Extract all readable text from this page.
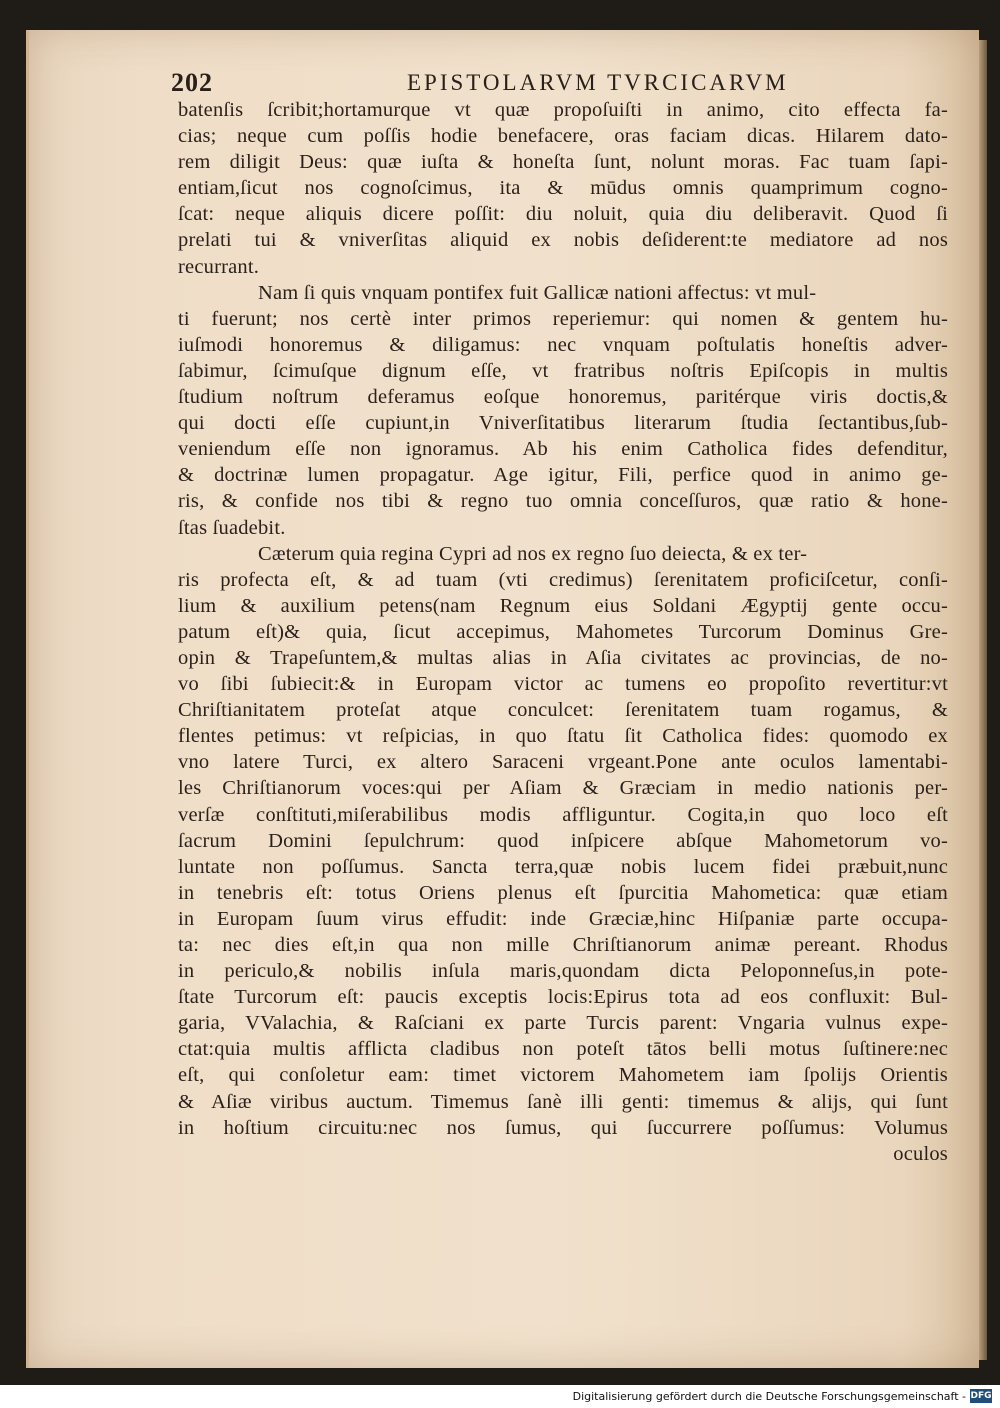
202	EPISTOLARVM TVRCICARVM
batenſis ſcribit;hortamurque vt quæ propoſuiſti in animo, cito effecta fa-
cias; neque cum poſſis hodie benefacere, oras faciam dicas. Hilarem dato-
rem diligit Deus: quæ iuſta & honeſta ſunt, nolunt moras. Fac tuam ſapi-
entiam,ſicut nos cognoſcimus, ita & mūdus omnis quamprimum cogno-
ſcat: neque aliquis dicere poſſit: diu noluit, quia diu deliberavit. Quod ſi
prelati tui & vniverſitas aliquid ex nobis deſiderent:te mediatore ad nos
recurrant.
Nam ſi quis vnquam pontifex fuit Gallicæ nationi affectus: vt mul-
ti fuerunt; nos certè inter primos reperiemur: qui nomen & gentem hu-
iuſmodi honoremus & diligamus: nec vnquam poſtulatis honeſtis adver-
ſabimur, ſcimuſque dignum eſſe, vt fratribus noſtris Epiſcopis in multis
ſtudium noſtrum deferamus eoſque honoremus, paritérque viris doctis,&
qui docti eſſe cupiunt,in Vniverſitatibus literarum ſtudia ſectantibus,ſub-
veniendum eſſe non ignoramus. Ab his enim Catholica fides defenditur,
& doctrinæ lumen propagatur. Age igitur, Fili, perfice quod in animo ge-
ris, & confide nos tibi & regno tuo omnia conceſſuros, quæ ratio & hone-
ſtas ſuadebit.
Cæterum quia regina Cypri ad nos ex regno ſuo deiecta, & ex ter-
ris profecta eſt, & ad tuam (vti credimus) ſerenitatem proficiſcetur, conſi-
lium & auxilium petens(nam Regnum eius Soldani Ægyptij gente occu-
patum eſt)& quia, ſicut accepimus, Mahometes Turcorum Dominus Gre-
opin & Trapeſuntem,& multas alias in Aſia civitates ac provincias, de no-
vo ſibi ſubiecit:& in Europam victor ac tumens eo propoſito revertitur:vt
Chriſtianitatem proteſat atque conculcet: ſerenitatem tuam rogamus, &
flentes petimus: vt reſpicias, in quo ſtatu ſit Catholica fides: quomodo ex
vno latere Turci, ex altero Saraceni vrgeant.Pone ante oculos lamentabi-
les Chriſtianorum voces:qui per Aſiam & Græciam in medio nationis per-
verſæ conſtituti,miſerabilibus modis affliguntur. Cogita,in quo loco eſt
ſacrum Domini ſepulchrum: quod inſpicere abſque Mahometorum vo-
luntate non poſſumus. Sancta terra,quæ nobis lucem fidei præbuit,nunc
in tenebris eſt: totus Oriens plenus eſt ſpurcitia Mahometica: quæ etiam
in Europam ſuum virus effudit: inde Græciæ,hinc Hiſpaniæ parte occupa-
ta: nec dies eſt,in qua non mille Chriſtianorum animæ pereant. Rhodus
in periculo,& nobilis inſula maris,quondam dicta Peloponneſus,in pote-
ſtate Turcorum eſt: paucis exceptis locis:Epirus tota ad eos confluxit: Bul-
garia, VValachia, & Raſciani ex parte Turcis parent: Vngaria vulnus expe-
ctat:quia multis afflicta cladibus non poteſt tātos belli motus ſuſtinere:nec
eſt, qui conſoletur eam: timet victorem Mahometem iam ſpolijs Orientis
& Aſiæ viribus auctum. Timemus ſanè illi genti: timemus & alijs, qui ſunt
in hoſtium circuitu:nec nos ſumus, qui ſuccurrere poſſumus: Volumus
oculos
Digitalisierung gefördert durch die Deutsche Forschungsgemeinschaft - DFG
